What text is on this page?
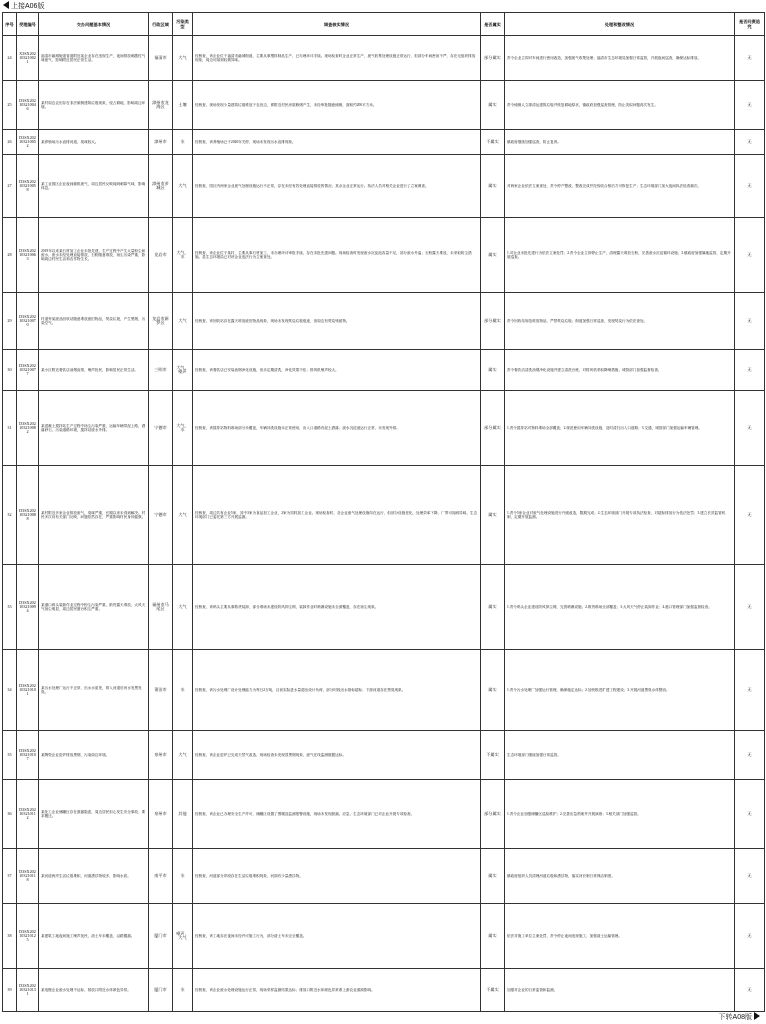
上接A06版
序号	受理编号	交办问题基本情况	行政区域	污染类型	调查核实情况	是否属实	处理和整改情况	是否问责追究

24	X3SX202103210021	福清市融城街道省道附近某企业存在违规生产，夜间排放刺激性气味废气，影响附近居民正常生活。	福清市	大气	经核查，该企业位于福清市融城街道，主要从事塑料制品生产，已办理环评手续。现场检查时企业正常生产，废气收集处理设施正常运行，但部分车间密闭不严，存在无组织排放现象，周边可闻到轻微异味。	部分属实	责令企业立即对车间进行密闭改造，加强废气收集处理；福清市生态环境局加强日常监管，开展夜间巡查，确保达标排放。	无

25	D3SX202103210046	某村周边农田存在非法倾倒建筑垃圾现象，侵占耕地，影响周边环境。	漳州市龙海区	土壤	经核查，现场发现少量建筑垃圾堆放于农田边，系附近村民房屋修缮产生，未经审批随意倾倒，面积约200平方米。	属实	责令倾倒人立即清运建筑垃圾并恢复耕地原状，镇政府加强巡查管理，防止类似问题再次发生。	无

26	D3SX202103210052	某养殖场污水直排河道，臭味较大。	漳州市	水	经核查，该养殖场已于2020年关停，现场未发现污水直排现象。	不属实	镇政府继续加强巡查，防止复养。	无

27	D3SX202103210058	某工业园区企业夜间偷排废气，周边居民反映闻到刺鼻气味，影响休息。	漳州市芗城区	大气	经核查，园区内两家企业废气处理设施运行不正常，存在未经有效处理直接排放的情况；其余企业正常运行。执法人员对相关企业进行了立案调查。	属实	对两家企业依法立案查处，责令停产整改，整改完成并经验收合格后方可恢复生产；生态环境部门加大夜间执法检查频次。	无

28	D3SX202103210063	2019年以来某石材加工企业未批先建，生产过程中产生大量粉尘和废水，废水未经处理直接排放，石粉随意堆放，扬尘污染严重，影响周边村民生活和农作物生长。	龙岩市	大气、水	经核查，该企业位于某村，主要从事石材加工，未办理环评审批手续，存在未批先建问题。现场检查时发现废水沉淀池容量不足，部分废水外溢；石粉露天堆放，未采取防尘措施。县生态环境局已对该企业违法行为立案查处。	属实	1.对企业未批先建行为依法立案处罚；2.责令企业立即停止生产，清理露天堆放石粉，完善废水沉淀循环设施；3.镇政府加强属地监管，定期开展巡查。	无

29	D3SX202103210070	村道旁某废品回收站随意堆放废旧物品，焚烧垃圾，产生黑烟，污染空气。	龙岩市新罗区	大气	经核查，该回收站存在露天堆放废旧物品现象，现场未发现焚烧垃圾痕迹，但周边有焚烧残留物。	部分属实	责令回收站规范堆放物品，严禁焚烧垃圾；街道加强日常巡查，发现焚烧行为依法查处。	无

30	D3SX202103210077	某小区附近餐饮店油烟直排，噪声扰民，影响居民正常生活。	三明市	大气、噪声	经核查，该餐饮店已安装油烟净化设施，但未定期清洗，净化效果不佳；排风机噪声较大。	属实	责令餐饮店清洗油烟净化设施并建立清洗台账，对排风机采取降噪措施；城管部门加强监督检查。	无

31	D3SX202103210082	某混凝土搅拌站生产过程中扬尘污染严重，运输车辆带泥上路，洒落砂石，污染道路环境，搅拌站废水外排。	宁德市	大气、水	经核查，该搅拌站物料堆场部分未覆盖，车辆冲洗设施未正常使用，出入口道路有泥土洒落；废水沉淀池运行正常，未发现外排。	部分属实	1.责令搅拌站对物料堆场全部覆盖；2.规范使用车辆冲洗设施，及时清扫出入口道路；3.交通、城管部门加强运输车辆管理。	无

32	D3SX202103210088	某村附近多家企业排放废气，臭味严重，长期以来未得到解决。村民多次向有关部门反映，问题依然存在，严重影响村民身体健康。	宁德市	大气	经核查，周边共有企业5家，其中3家为食品加工企业，2家为饲料加工企业。现场检查时，各企业废气处理设施均在运行，但部分设施老化，处理效率下降，厂界可闻到异味。生态环境部门已委托第三方开展监测。	属实	1.责令5家企业对废气处理设施进行升级改造，限期完成；2.生态环境部门开展专项执法检查，对超标排放行为依法处罚；3.建立长效监管机制，定期开展监测。	无

33	D3SX202103210094	某港口码头装卸作业过程中粉尘污染严重，散货露天堆放，大风天气扬尘明显，周边居民窗台积尘严重。	福州市马尾区	大气	经核查，该码头主要从事散货装卸，部分堆场未建设防风抑尘网，装卸作业时喷淋设施未全面覆盖，存在扬尘现象。	属实	1.责令码头企业建设防风抑尘网，完善喷淋设施；2.散货堆场全部覆盖；3.大风天气停止装卸作业；4.港口管理部门加强监督检查。	无

34	D3SX202103210101	某污水处理厂运行不正常，出水水质差，排入河道后河水发黑发臭。	莆田市	水	经核查，该污水处理厂设计处理能力为每日2万吨，目前实际进水量超出设计负荷，部分时段出水指标超标；下游河道存在黑臭现象。	属实	1.责令污水处理厂加强运行管理，确保稳定达标；2.加快推进扩建工程建设；3.开展河道黑臭水体整治。	无

35	D3SX202103210107	某陶瓷企业窑炉排放黑烟，污染周边环境。	泉州市	大气	经核查，该企业窑炉已完成天然气改造，现场检查未发现冒黑烟现象，废气在线监测数据达标。	不属实	生态环境部门继续加强日常监管。	无

36	D3SX202103210112	某化工企业储罐区存在泄漏隐患，周边居民担心发生安全事故，要求搬迁。	泉州市	其他	经核查，该企业已办理安全生产许可，储罐区设置了围堰及监测报警设施，现场未发现泄漏。应急、生态环境部门已对企业开展专项检查。	部分属实	1.责令企业加强储罐区巡检维护；2.完善应急预案并开展演练；3.相关部门加强监管。	无

37	D3SX202103210118	某河道两岸生活垃圾堆积，河面漂浮物较多，影响水质。	南平市	水	经核查，河道部分岸段存在生活垃圾堆积现象，河面有少量漂浮物。	属实	镇政府组织人员清理河道垃圾和漂浮物，落实河长制日常保洁制度。	无

38	D3SX202103210125	某建筑工地夜间施工噪声扰民，渣土车未覆盖，沿路撒漏。	厦门市	噪声、大气	经核查，该工地存在夜间未经许可施工行为，部分渣土车未完全覆盖。	属实	依法对施工单位立案处罚，责令停止夜间违规施工；加强渣土运输管理。	无

39	D3SX202103210131	某电镀企业废水处理不达标，排放口附近水体颜色异常。	厦门市	水	经核查，该企业废水处理设施运行正常，现场采样监测结果达标；排放口附近水体颜色异常系上游农业面源影响。	不属实	加强对企业的日常监管和监测。	无
下转A08版
